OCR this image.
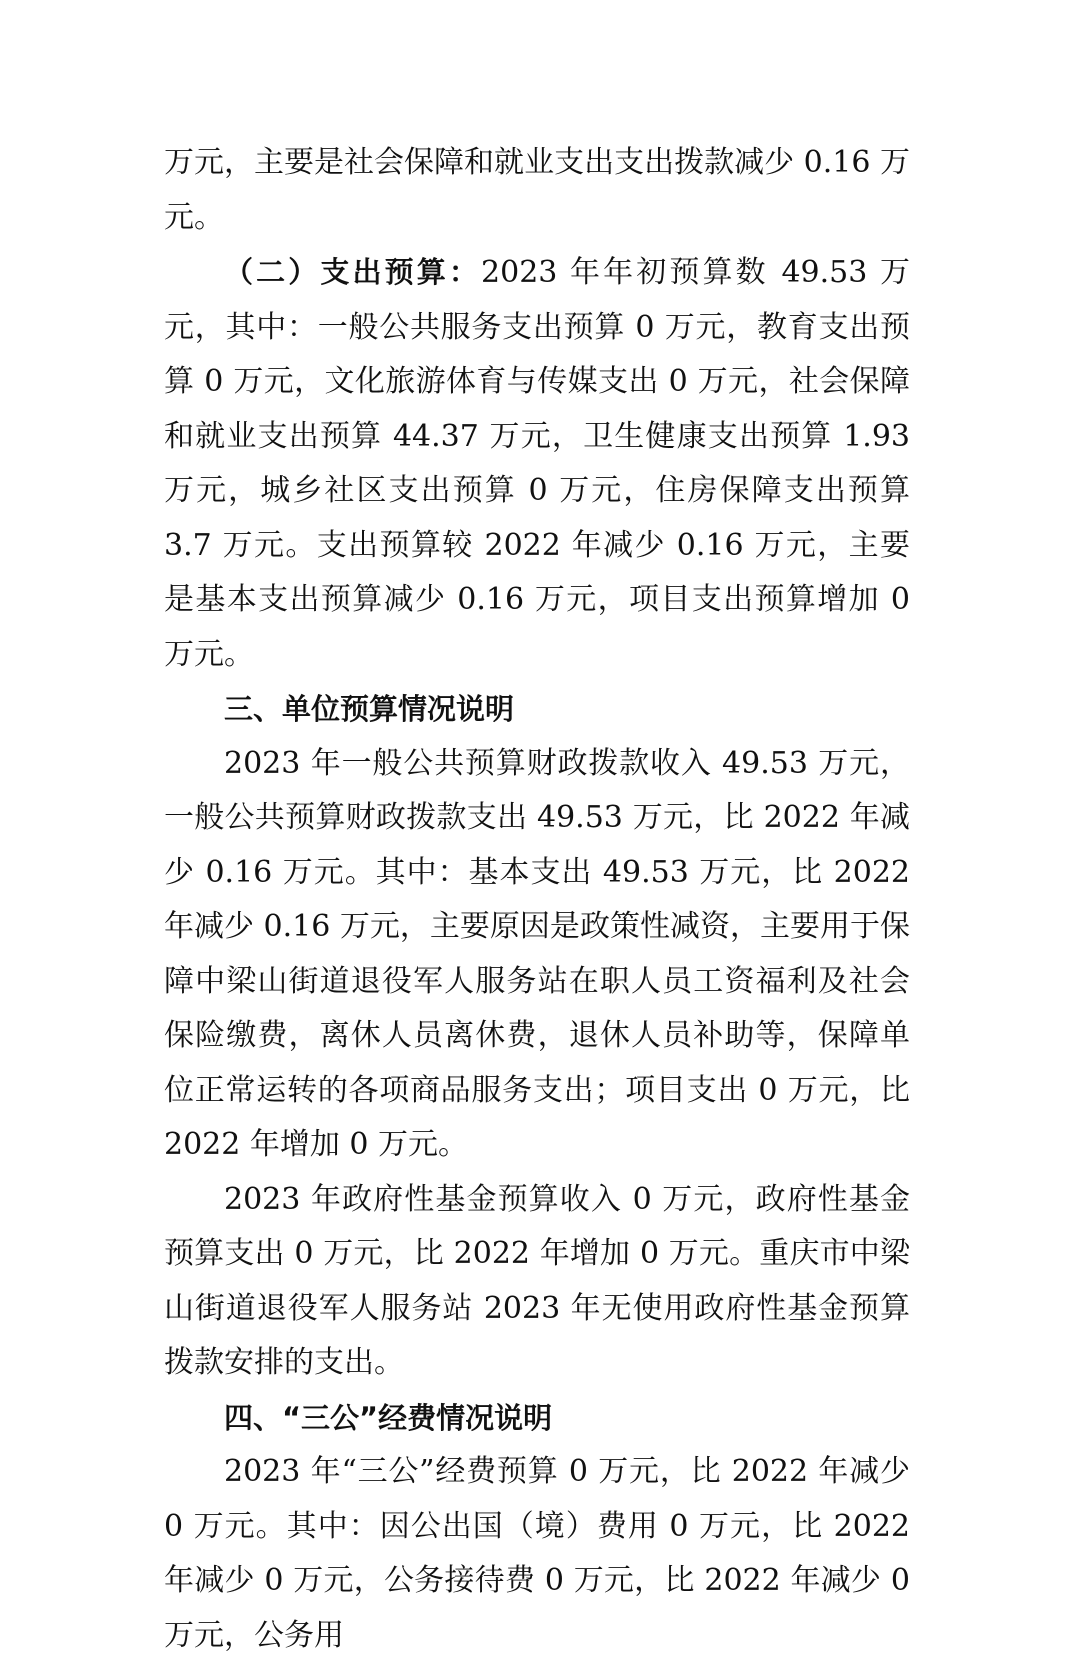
万元，主要是社会保障和就业支出支出拨款减少 0.16 万元。

（二）支出预算：2023 年年初预算数 49.53 万元，其中：一般公共服务支出预算 0 万元，教育支出预算 0 万元，文化旅游体育与传媒支出 0 万元，社会保障和就业支出预算 44.37 万元，卫生健康支出预算 1.93 万元，城乡社区支出预算 0 万元，住房保障支出预算 3.7 万元。支出预算较 2022 年减少 0.16 万元，主要是基本支出预算减少 0.16 万元，项目支出预算增加 0 万元。

三、单位预算情况说明

2023 年一般公共预算财政拨款收入 49.53 万元，一般公共预算财政拨款支出 49.53 万元，比 2022 年减少 0.16 万元。其中：基本支出 49.53 万元，比 2022 年减少 0.16 万元，主要原因是政策性减资，主要用于保障中梁山街道退役军人服务站在职人员工资福利及社会保险缴费，离休人员离休费，退休人员补助等，保障单位正常运转的各项商品服务支出；项目支出 0 万元，比 2022 年增加 0 万元。

2023 年政府性基金预算收入 0 万元，政府性基金预算支出 0 万元，比 2022 年增加 0 万元。重庆市中梁山街道退役军人服务站 2023 年无使用政府性基金预算拨款安排的支出。

四、“三公”经费情况说明

2023 年“三公”经费预算 0 万元，比 2022 年减少 0 万元。其中：因公出国（境）费用 0 万元，比 2022 年减少 0 万元，公务接待费 0 万元，比 2022 年减少 0 万元，公务用
